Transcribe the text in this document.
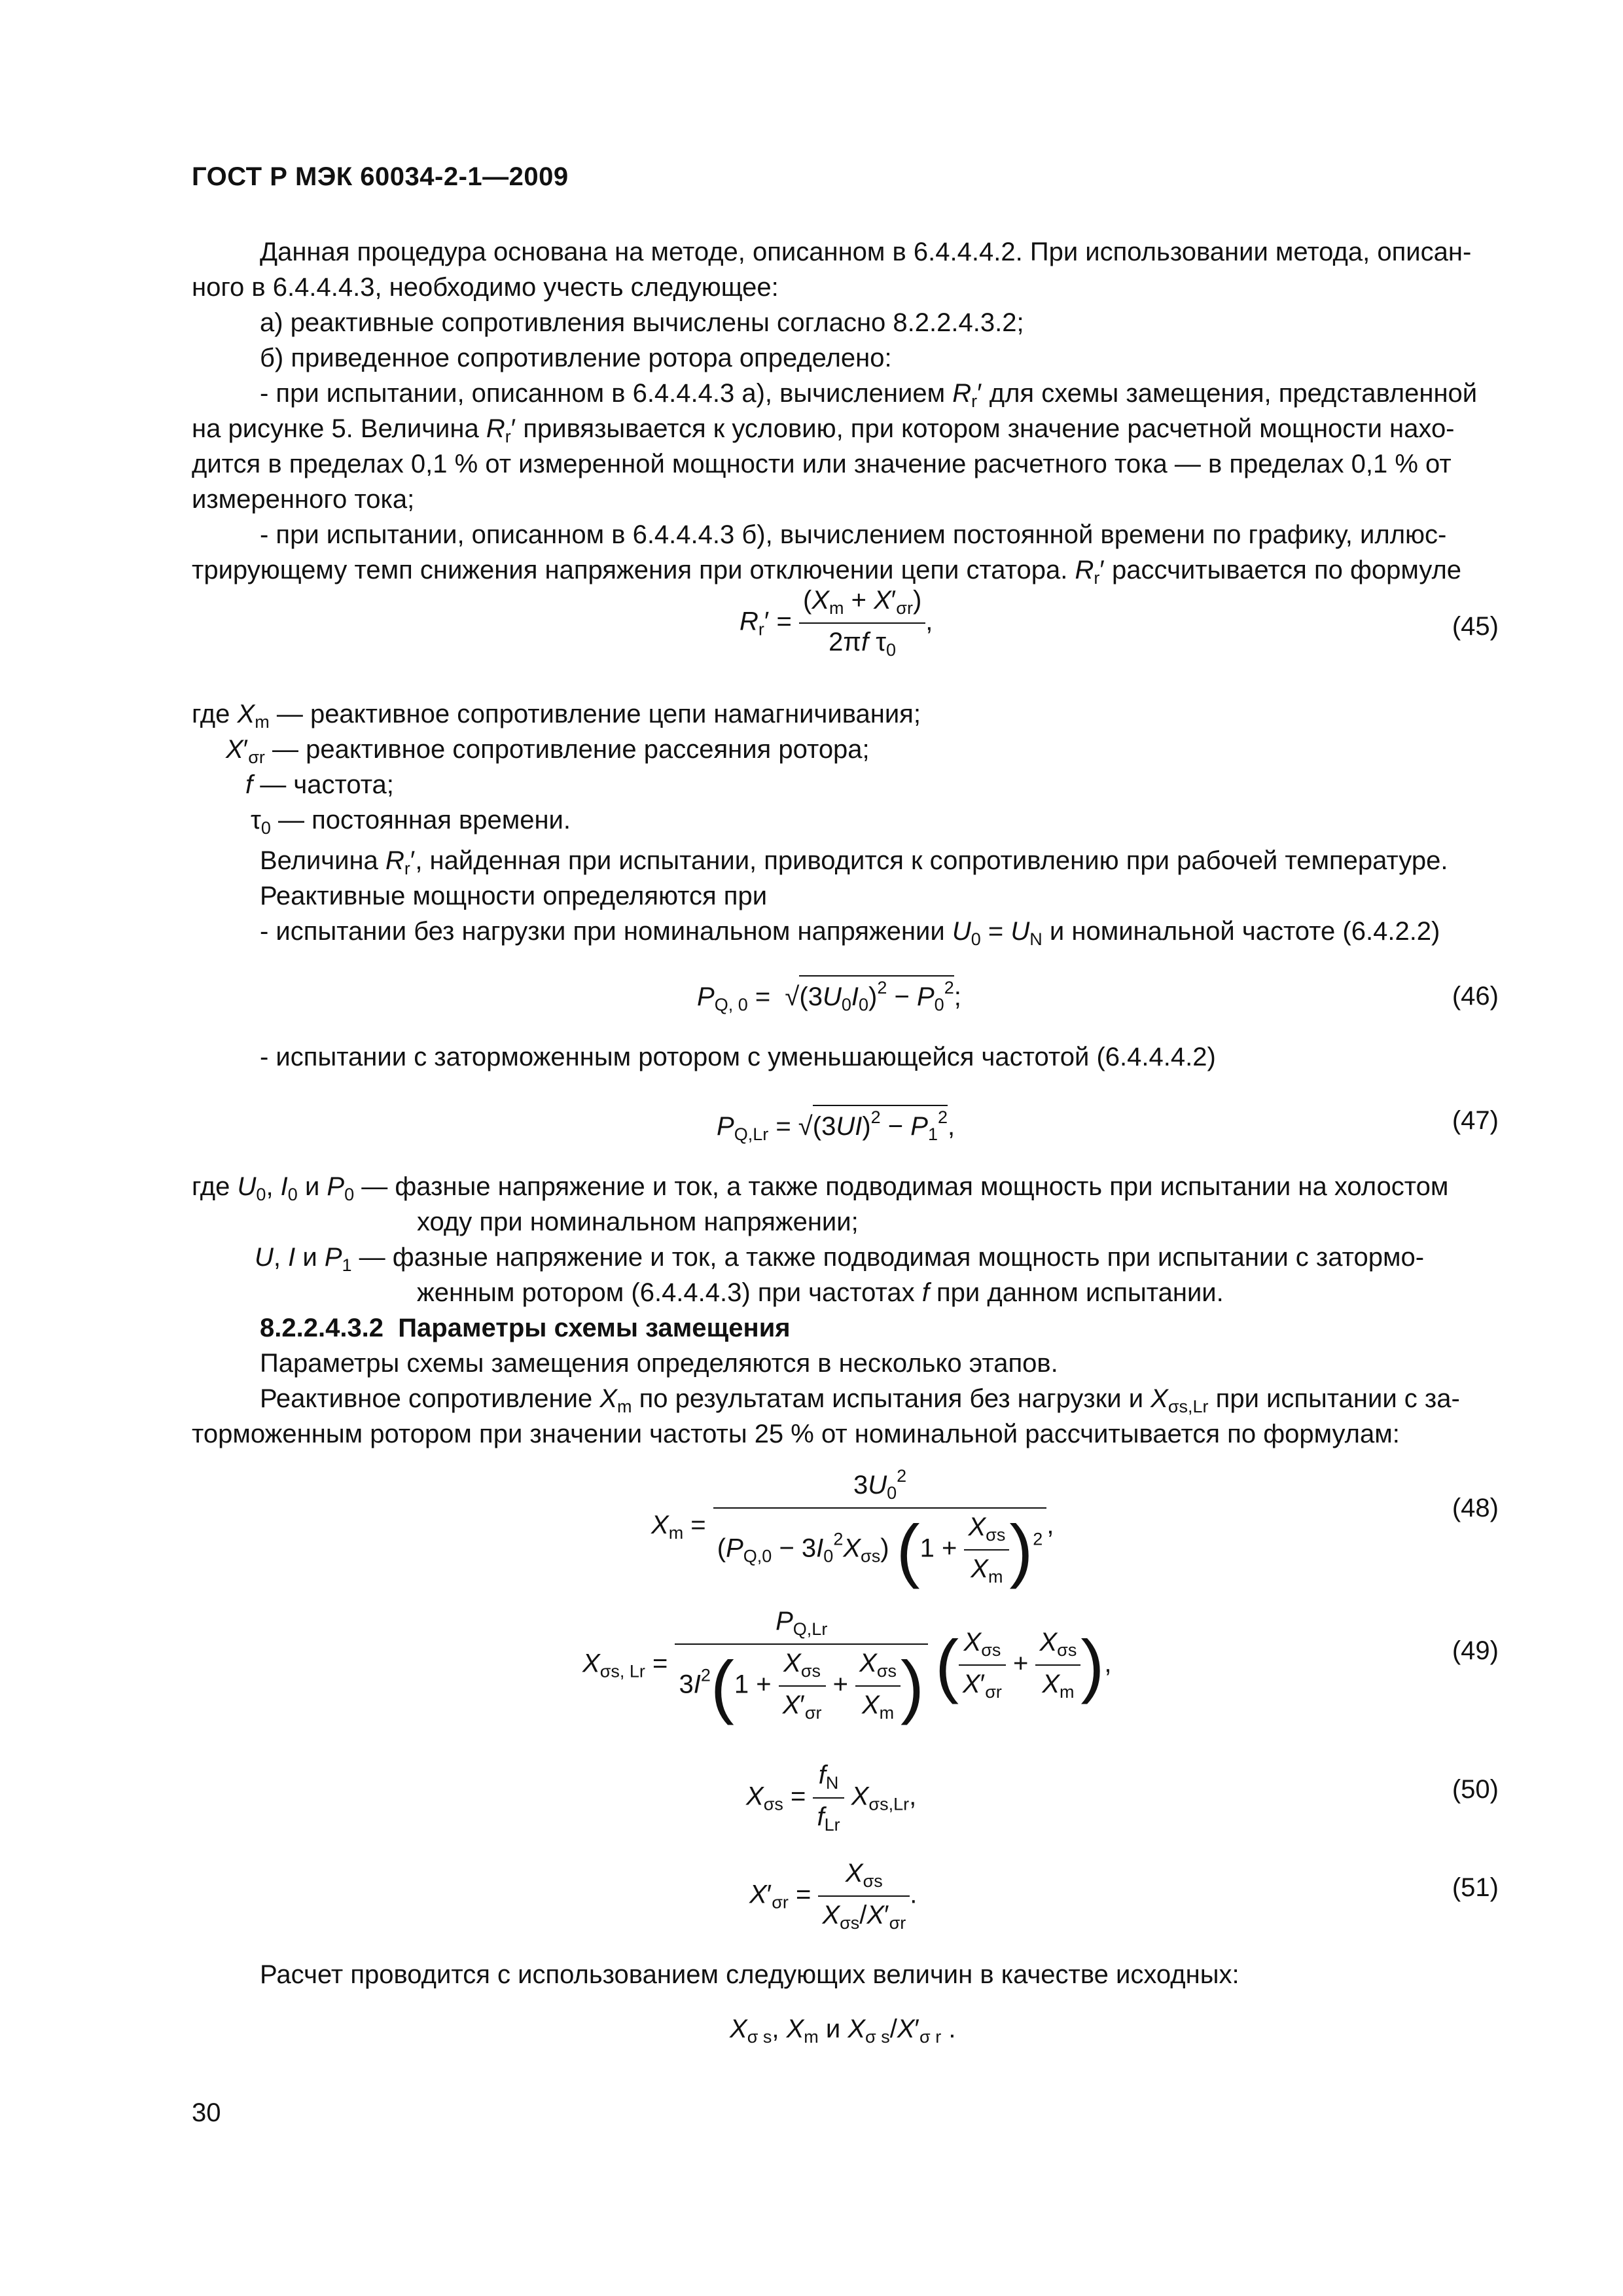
ГОСТ Р МЭК 60034-2-1—2009
Данная процедура основана на методе, описанном в 6.4.4.4.2. При использовании метода, описан-
ного в 6.4.4.4.3, необходимо учесть следующее:
а) реактивные сопротивления вычислены согласно 8.2.2.4.3.2;
б) приведенное сопротивление ротора определено:
- при испытании, описанном в 6.4.4.4.3 а), вычислением $R_r'$ для схемы замещения, представленной
на рисунке 5. Величина $R_r'$ привязывается к условию, при котором значение расчетной мощности нахо-
дится в пределах 0,1 % от измеренной мощности или значение расчетного тока — в пределах 0,1 % от
измеренного тока;
- при испытании, описанном в 6.4.4.4.3 б), вычислением постоянной времени по графику, иллюс-
трирующему темп снижения напряжения при отключении цепи статора. $R_r'$ рассчитывается по формуле
$R_r' = \frac{(X_m + X'_{\sigma r})}{2\pi f \tau_0}$ ,	(45)
где $X_m$ — реактивное сопротивление цепи намагничивания;
$X'_{\sigma r}$ — реактивное сопротивление рассеяния ротора;
f — частота;
$\tau_0$ — постоянная времени.
Величина $R_r'$, найденная при испытании, приводится к сопротивлению при рабочей температуре.
Реактивные мощности определяются при
- испытании без нагрузки при номинальном напряжении $U_0 = U_N$ и номинальной частоте (6.4.2.2)
$P_{Q, 0} = √(3U_0I_0)^2 - P_0^2$;	(46)
- испытании с заторможенным ротором с уменьшающейся частотой (6.4.4.4.2)
$P_{Q,Lr} = √(3UI)^2 - P_1^2$,	(47)
где $U_0$, $I_0$ и $P_0$ — фазные напряжение и ток, а также подводимая мощность при испытании на холостом
ходу при номинальном напряжении;
U, I и $P_1$ — фазные напряжение и ток, а также подводимая мощность при испытании с затормо-
женным ротором (6.4.4.4.3) при частотах f при данном испытании.
8.2.2.4.3.2 Параметры схемы замещения
Параметры схемы замещения определяются в несколько этапов.
Реактивное сопротивление $X_m$ по результатам испытания без нагрузки и $X_{\sigma s,Lr}$ при испытании с за-
торможенным ротором при значении частоты 25 % от номинальной рассчитывается по формулам:
$X_m = \frac{3U_0^2}{(P_{Q,0} - 3I_0^2X_{\sigma s}) (1 + \frac{X_{\sigma s}}{X_m} )^2}$ ,
(48)
$X_{\sigma s, Lr} = \frac{P_{Q,Lr}}{3I^2(1 + \frac{X_{\sigma s}}{X'_{\sigma r}} + \frac{X_{\sigma s}}{X_m} )}$ ( $\frac{X_{\sigma s}}{X'_{\sigma r}} + \frac{X_{\sigma s}}{X_m}$ ),	(49)
$X_{\sigma s} = \frac{f_N}{f_{Lr}} X_{\sigma s,Lr}$,	(50)
$X'_{\sigma r} = \frac{X_{\sigma s}}{X_{\sigma s}/X'_{\sigma r}}$ .	(51)
Расчет проводится с использованием следующих величин в качестве исходных:
$X_{\sigma s}$, $X_m$ и $X_{\sigma s}/X'_{\sigma r}$ .
30
